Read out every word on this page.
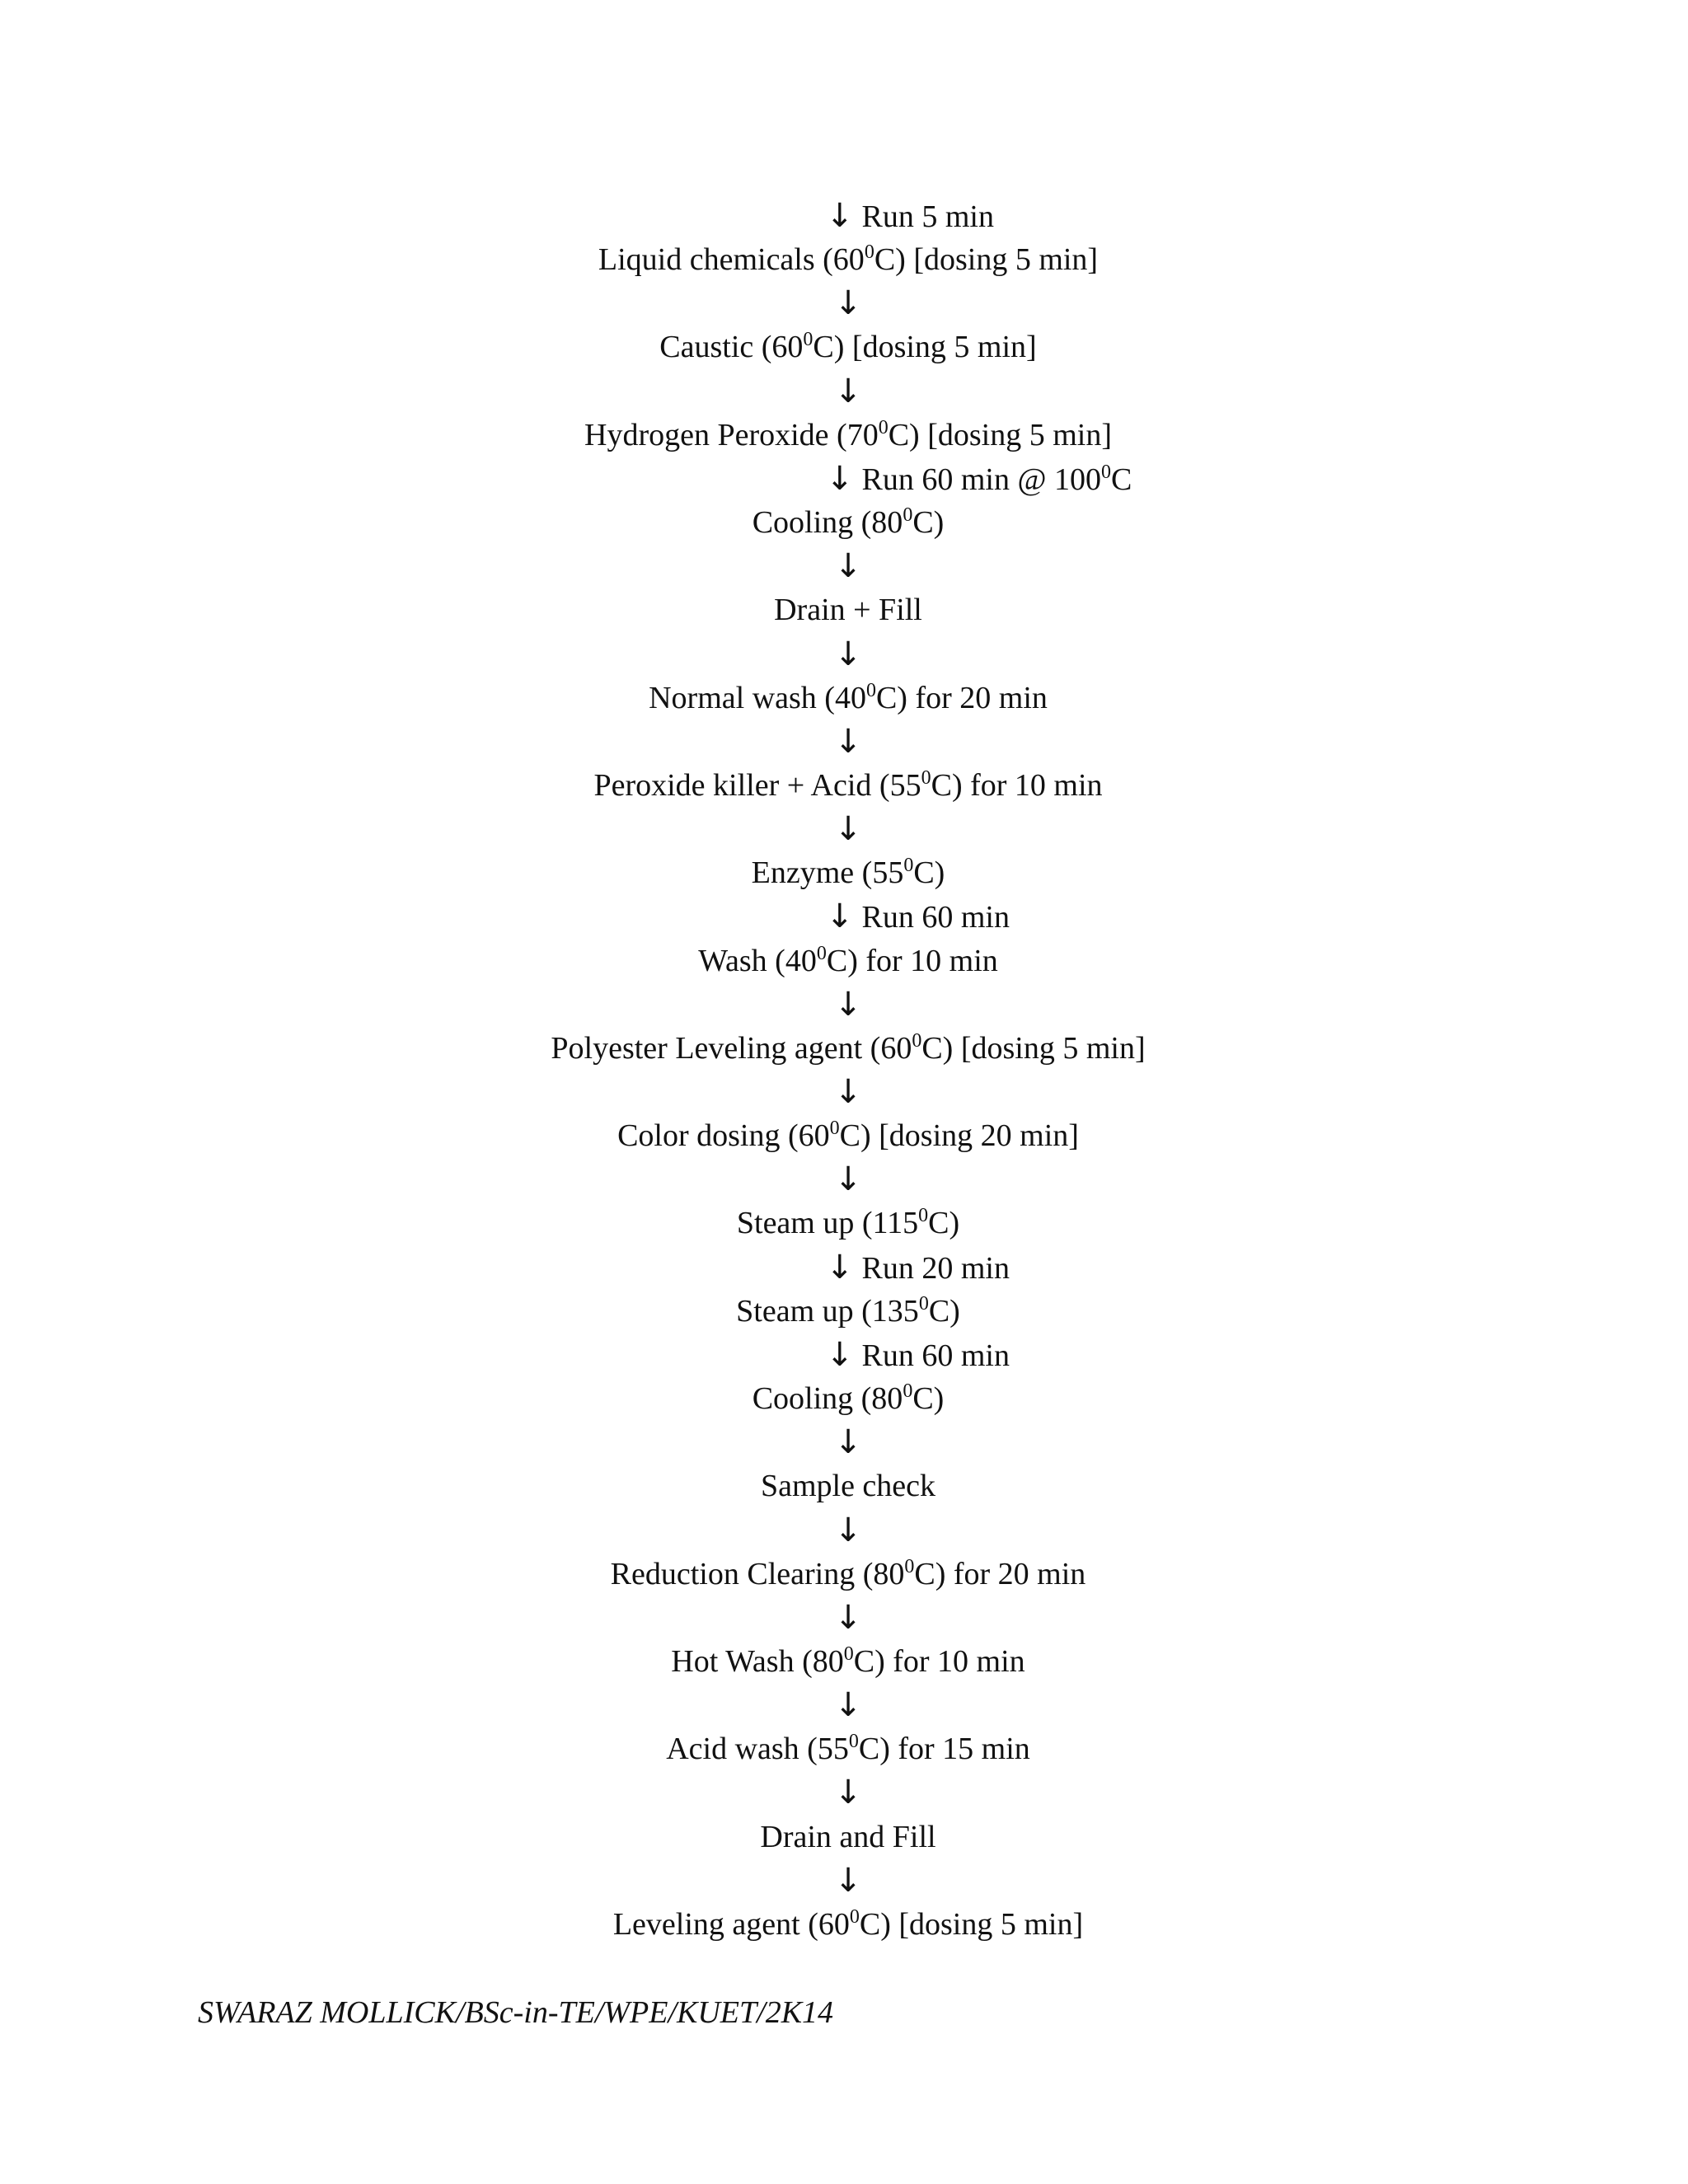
↓ Run 5 min
Liquid chemicals $(60^0C)$ [dosing 5 min]
↓
Caustic $(60^0C)$ [dosing 5 min]
↓
Hydrogen Peroxide $(70^0C)$ [dosing 5 min]
↓ Run 60 min @ $100^0C$
Cooling $(80^0C)$
↓
Drain + Fill
↓
Normal wash $(40^0C)$ for 20 min
↓
Peroxide killer + Acid $(55^0C)$ for 10 min
↓
Enzyme $(55^0C)$
↓ Run 60 min
Wash $(40^0C)$ for 10 min
↓
Polyester Leveling agent $(60^0C)$ [dosing 5 min]
↓
Color dosing $(60^0C)$ [dosing 20 min]
↓
Steam up $(115^0C)$
↓ Run 20 min
Steam up $(135^0C)$
↓ Run 60 min
Cooling $(80^0C)$
↓
Sample check
↓
Reduction Clearing $(80^0C)$ for 20 min
↓
Hot Wash $(80^0C)$ for 10 min
↓
Acid wash $(55^0C)$ for 15 min
↓
Drain and Fill
↓
Leveling agent $(60^0C)$ [dosing 5 min]
SWARAZ MOLLICK/BSc-in-TE/WPE/KUET/2K14
